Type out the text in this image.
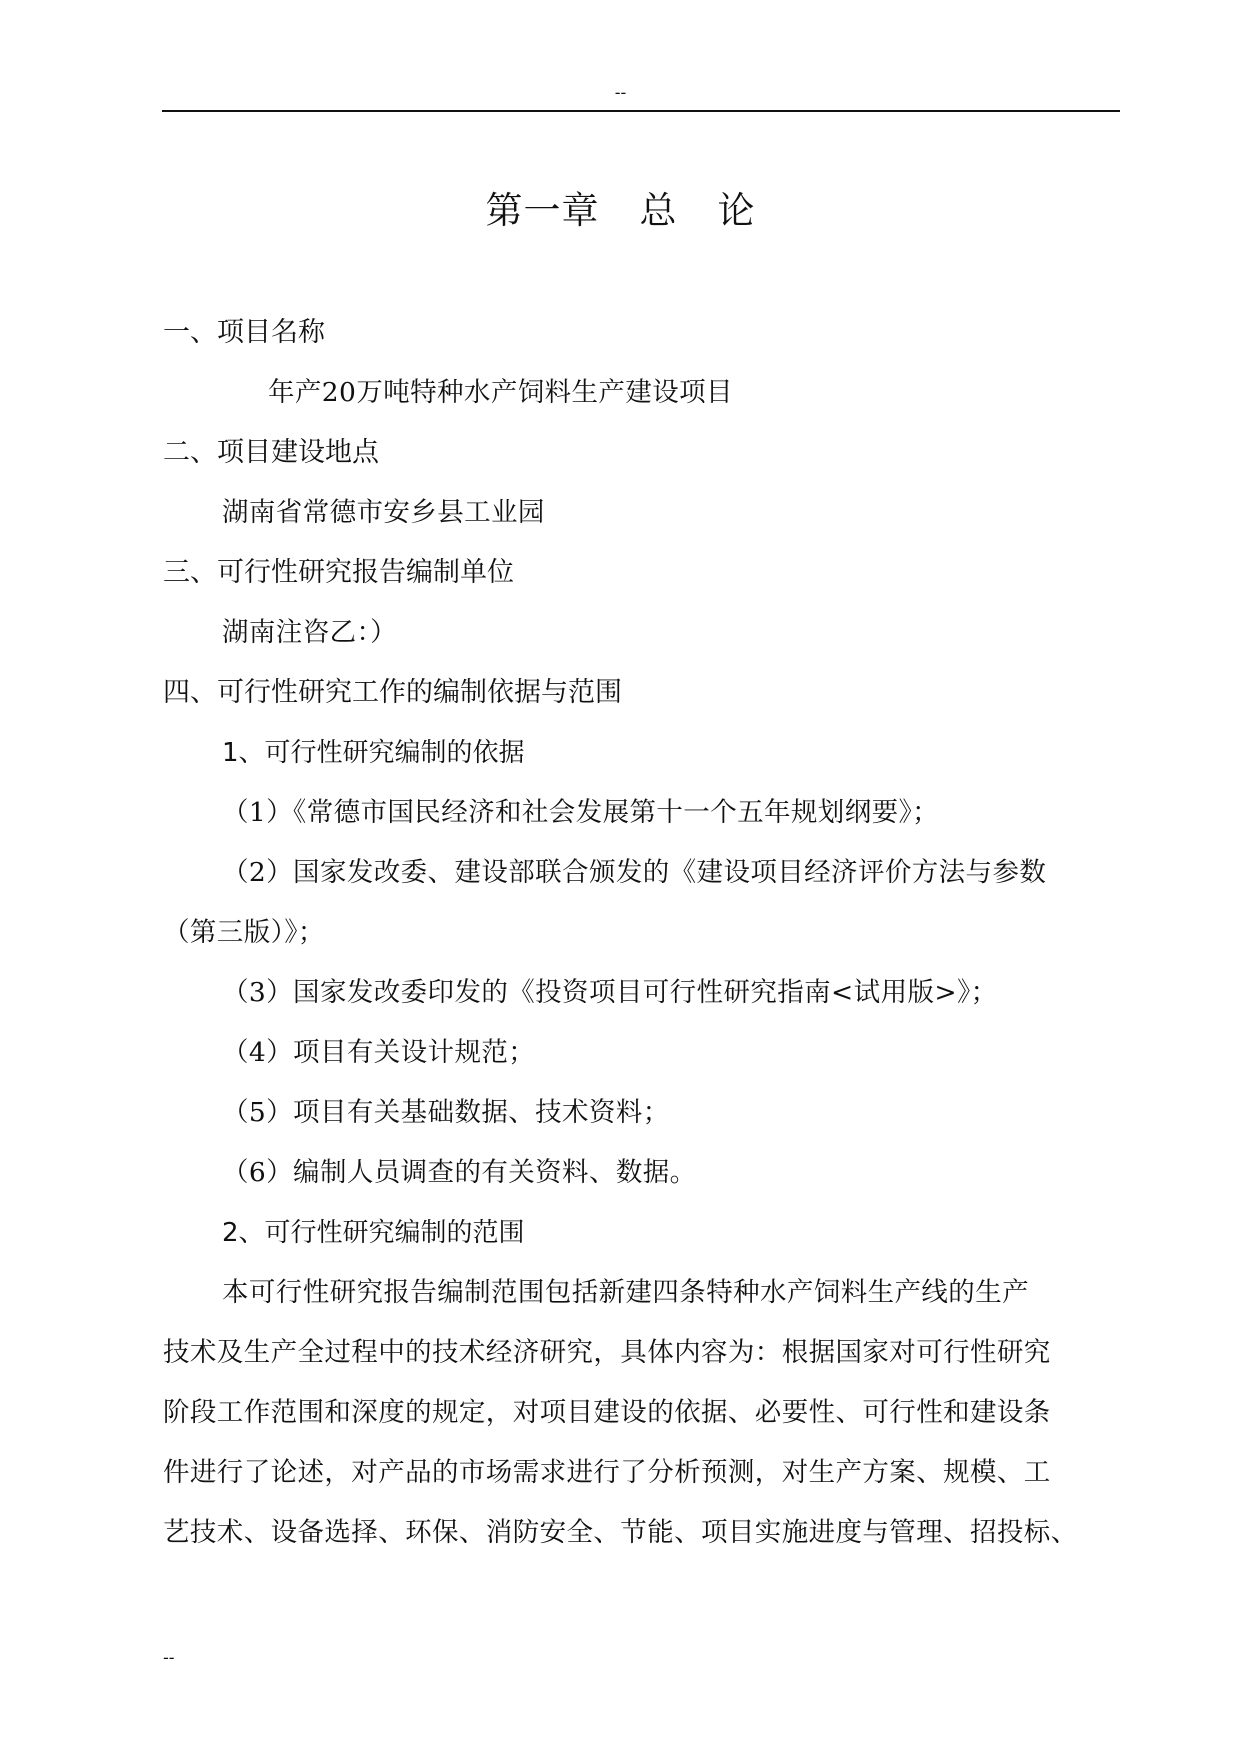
--
第一章 总 论
一、项目名称
年产20万吨特种水产饲料生产建设项目
二、项目建设地点
湖南省常德市安乡县工业园
三、可行性研究报告编制单位
湖南注咨乙：）
四、可行性研究工作的编制依据与范围
1、可行性研究编制的依据
（1）《常德市国民经济和社会发展第十一个五年规划纲要》；
（2）国家发改委、建设部联合颁发的《建设项目经济评价方法与参数
（第三版）》；
（3）国家发改委印发的《投资项目可行性研究指南<试用版>》；
（4）项目有关设计规范；
（5）项目有关基础数据、技术资料；
（6）编制人员调查的有关资料、数据。
2、可行性研究编制的范围
本可行性研究报告编制范围包括新建四条特种水产饲料生产线的生产
技术及生产全过程中的技术经济研究，具体内容为：根据国家对可行性研究
阶段工作范围和深度的规定，对项目建设的依据、必要性、可行性和建设条
件进行了论述，对产品的市场需求进行了分析预测，对生产方案、规模、工
艺技术、设备选择、环保、消防安全、节能、项目实施进度与管理、招投标、
--
